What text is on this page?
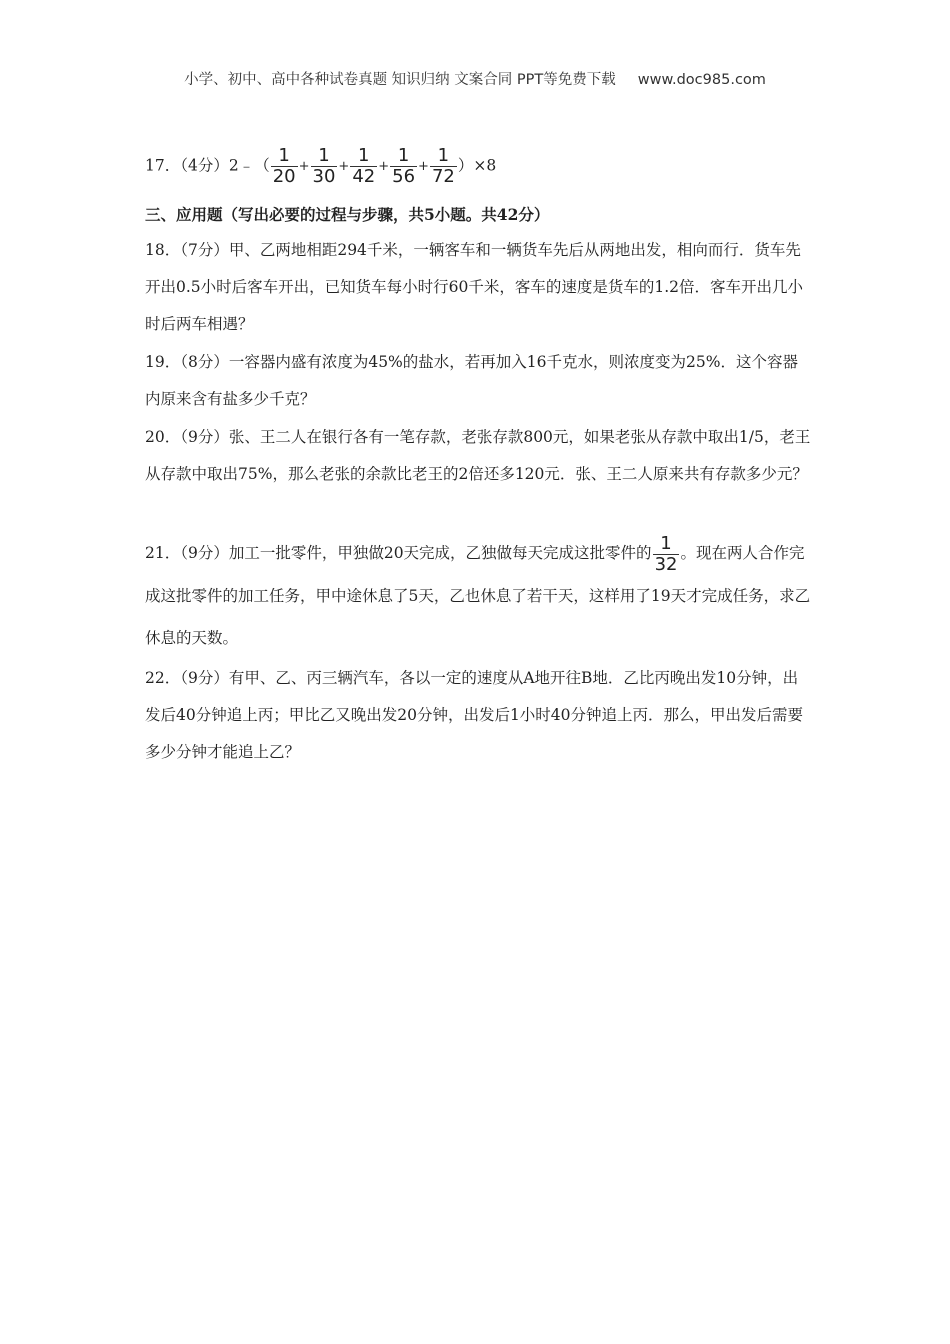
小学、初中、高中各种试卷真题 知识归纳 文案合同 PPT等免费下载 www.doc985.com
17．（4分）2﹣（ $\frac{1}{20} + \frac{1}{30} + \frac{1}{42} + \frac{1}{56} + \frac{1}{72} )\times 8$
三、应用题（写出必要的过程与步骤，共5小题。共42分）
18．（7分）甲、乙两地相距294千米，一辆客车和一辆货车先后从两地出发，相向而行．货车先开出0.5小时后客车开出，已知货车每小时行60千米，客车的速度是货车的1.2倍．客车开出几小时后两车相遇？
19．（8分）一容器内盛有浓度为45%的盐水，若再加入16千克水，则浓度变为25%．这个容器内原来含有盐多少千克？
20．（9分）张、王二人在银行各有一笔存款，老张存款800元，如果老张从存款中取出1/5，老王从存款中取出75%，那么老张的余款比老王的2倍还多120元．张、王二人原来共有存款多少元？
21．（9分）加工一批零件，甲独做20天完成，乙独做每天完成这批零件的 $\frac{1}{32}$ 。现在两人合作完成这批零件的加工任务，甲中途休息了5天，乙也休息了若干天，这样用了19天才完成任务，求乙休息的天数。
22．（9分）有甲、乙、丙三辆汽车，各以一定的速度从A地开往B地．乙比丙晚出发10分钟，出发后40分钟追上丙；甲比乙又晚出发20分钟，出发后1小时40分钟追上丙．那么，甲出发后需要多少分钟才能追上乙？
